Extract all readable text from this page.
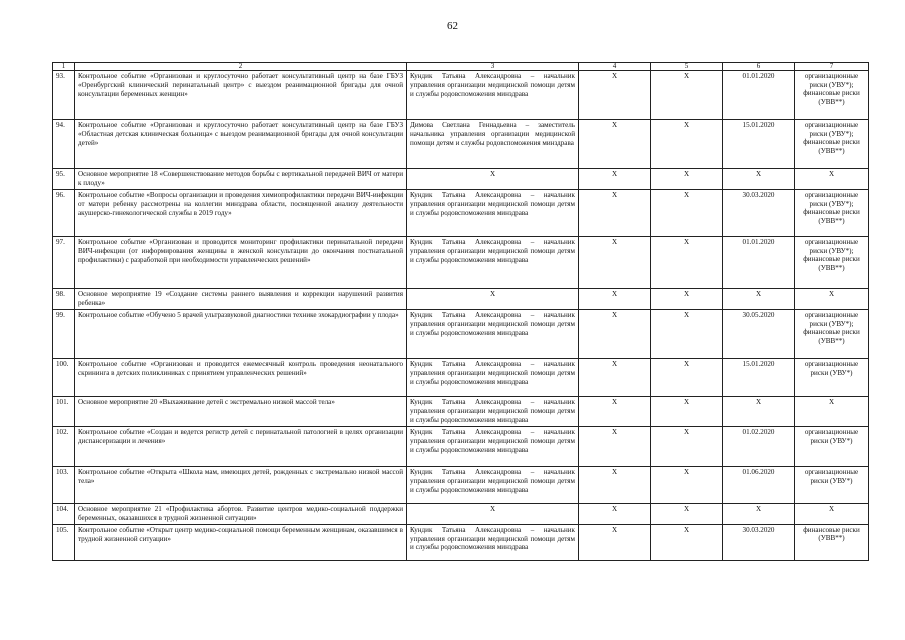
62
1	2	3	4	5	6	7
93.	Контрольное событие «Организован и круглосуточно работает консультативный центр на базе ГБУЗ «Оренбургский клинический перинатальный центр» с выездом реанимационной бригады для очной консультации беременных женщин»	Кундик Татьяна Александровна – начальник управления организации медицинской помощи детям и службы родовспоможения минздрава	Х	Х	01.01.2020	организационные риски (УВУ*); финансовые риски (УВВ**)
94.	Контрольное событие «Организован и круглосуточно работает консультативный центр на базе ГБУЗ «Областная детская клиническая больница» с выездом реанимационной бригады для очной консультации детей»	Димова Светлана Геннадьевна – заместитель начальника управления организации медицинской помощи детям и службы родовспоможения минздрава	Х	Х	15.01.2020	организационные риски (УВУ*); финансовые риски (УВВ**)
95.	Основное мероприятие 18 «Совершенствование методов борьбы с вертикальной передачей ВИЧ от матери к плоду»	Х	Х	Х	Х	Х
96.	Контрольное событие «Вопросы организации и проведения химиопрофилактики передачи ВИЧ-инфекции от матери ребенку рассмотрены на коллегии минздрава области, посвященной анализу деятельности акушерско-гинекологической службы в 2019 году»	Кундик Татьяна Александровна – начальник управления организации медицинской помощи детям и службы родовспоможения минздрава	Х	Х	30.03.2020	организационные риски (УВУ*); финансовые риски (УВВ**)
97.	Контрольное событие «Организован и проводится мониторинг профилактики перинатальной передачи ВИЧ-инфекции (от информирования женщины в женской консультации до окончания постнатальной профилактики) с разработкой при необходимости управленческих решений»	Кундик Татьяна Александровна – начальник управления организации медицинской помощи детям и службы родовспоможения минздрава	Х	Х	01.01.2020	организационные риски (УВУ*); финансовые риски (УВВ**)
98.	Основное мероприятие 19 «Создание системы раннего выявления и коррекции нарушений развития ребенка»	Х	Х	Х	Х	Х
99.	Контрольное событие «Обучено 5 врачей ультразвуковой диагностики технике эхокардиографии у плода»	Кундик Татьяна Александровна – начальник управления организации медицинской помощи детям и службы родовспоможения минздрава	Х	Х	30.05.2020	организационные риски (УВУ*); финансовые риски (УВВ**)
100.	Контрольное событие «Организован и проводится ежемесячный контроль проведения неонатального скрининга в детских поликлиниках с принятием управленческих решений»	Кундик Татьяна Александровна – начальник управления организации медицинской помощи детям и службы родовспоможения минздрава	Х	Х	15.01.2020	организационные риски (УВУ*)
101.	Основное мероприятие 20 «Выхаживание детей с экстремально низкой массой тела»	Кундик Татьяна Александровна – начальник управления организации медицинской помощи детям и службы родовспоможения минздрава	Х	Х	Х	Х
102.	Контрольное событие «Создан и ведется регистр детей с перинатальной патологией в целях организации диспансеризации и лечения»	Кундик Татьяна Александровна – начальник управления организации медицинской помощи детям и службы родовспоможения минздрава	Х	Х	01.02.2020	организационные риски (УВУ*)
103.	Контрольное событие «Открыта «Школа мам, имеющих детей, рожденных с экстремально низкой массой тела»	Кундик Татьяна Александровна – начальник управления организации медицинской помощи детям и службы родовспоможения минздрава	Х	Х	01.06.2020	организационные риски (УВУ*)
104.	Основное мероприятие 21 «Профилактика абортов. Развитие центров медико-социальной поддержки беременных, оказавшихся в трудной жизненной ситуации»	Х	Х	Х	Х	Х
105.	Контрольное событие «Открыт центр медико-социальной помощи беременным женщинам, оказавшимся в трудной жизненной ситуации»	Кундик Татьяна Александровна – начальник управления организации медицинской помощи детям и службы родовспоможения минздрава	Х	Х	30.03.2020	финансовые риски (УВВ**)
